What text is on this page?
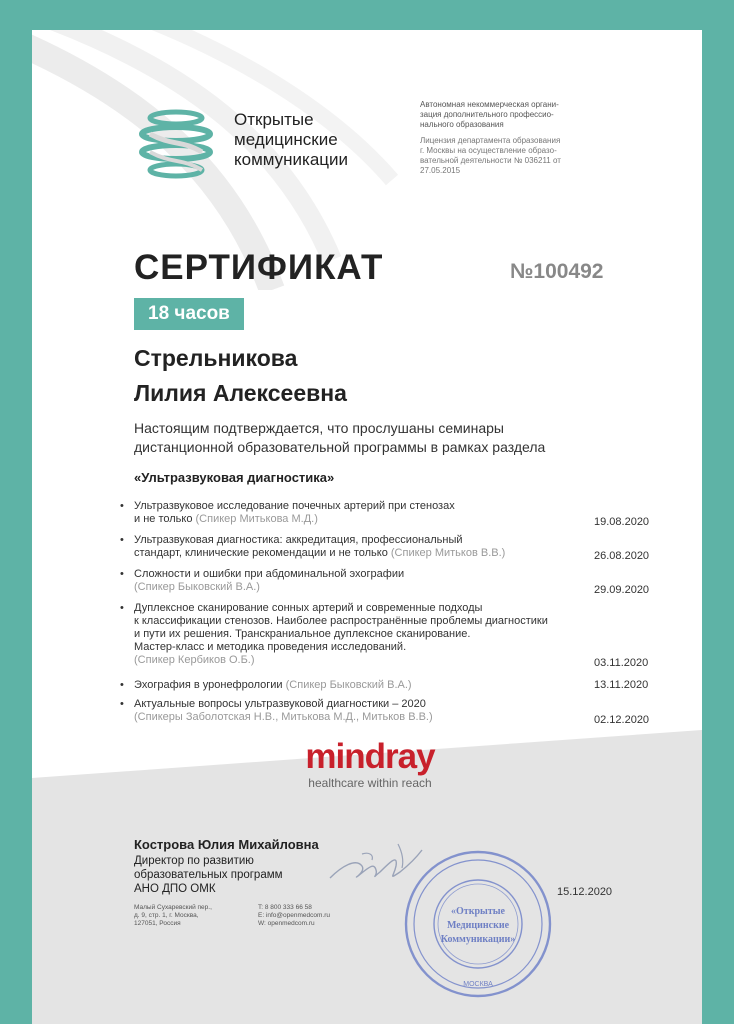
Открытые
медицинские
коммуникации
Автономная некоммерческая органи-
зация дополнительного профессио-
нального образования
Лицензия департамента образования
г. Москвы на осуществление образо-
вательной деятельности № 036211 от
27.05.2015
СЕРТИФИКАТ	№100492
18 часов
Стрельникова
Лилия Алексеевна
Настоящим подтверждается, что прослушаны семинары
дистанционной образовательной программы в рамках раздела
«Ультразвуковая диагностика»
• Ультразвуковое исследование почечных артерий при стенозах
и не только (Спикер Митькова М.Д.)	19.08.2020
• Ультразвуковая диагностика: аккредитация, профессиональный
стандарт, клинические рекомендации и не только (Спикер Митьков В.В.)	26.08.2020
• Сложности и ошибки при абдоминальной эхографии
(Спикер Быковский В.А.)	29.09.2020
• Дуплексное сканирование сонных артерий и современные подходы
к классификации стенозов. Наиболее распространённые проблемы диагностики
и пути их решения. Транскраниальное дуплексное сканирование.
Мастер-класс и методика проведения исследований.
(Спикер Кербиков О.Б.)	03.11.2020
• Эхография в уронефрологии (Спикер Быковский В.А.)	13.11.2020
• Актуальные вопросы ультразвуковой диагностики – 2020
(Спикеры Заболотская Н.В., Митькова М.Д., Митьков В.В.)	02.12.2020
mindray
healthcare within reach
Кострова Юлия Михайловна
Директор по развитию
образовательных программ
АНО ДПО ОМК
«Открытые
Медицинские
Коммуникации»
МОСКВА
15.12.2020
Малый Сухаревский пер.,
д. 9, стр. 1, г. Москва,
127051, Россия
T: 8 800 333 66 58
E: info@openmedcom.ru
W: openmedcom.ru
